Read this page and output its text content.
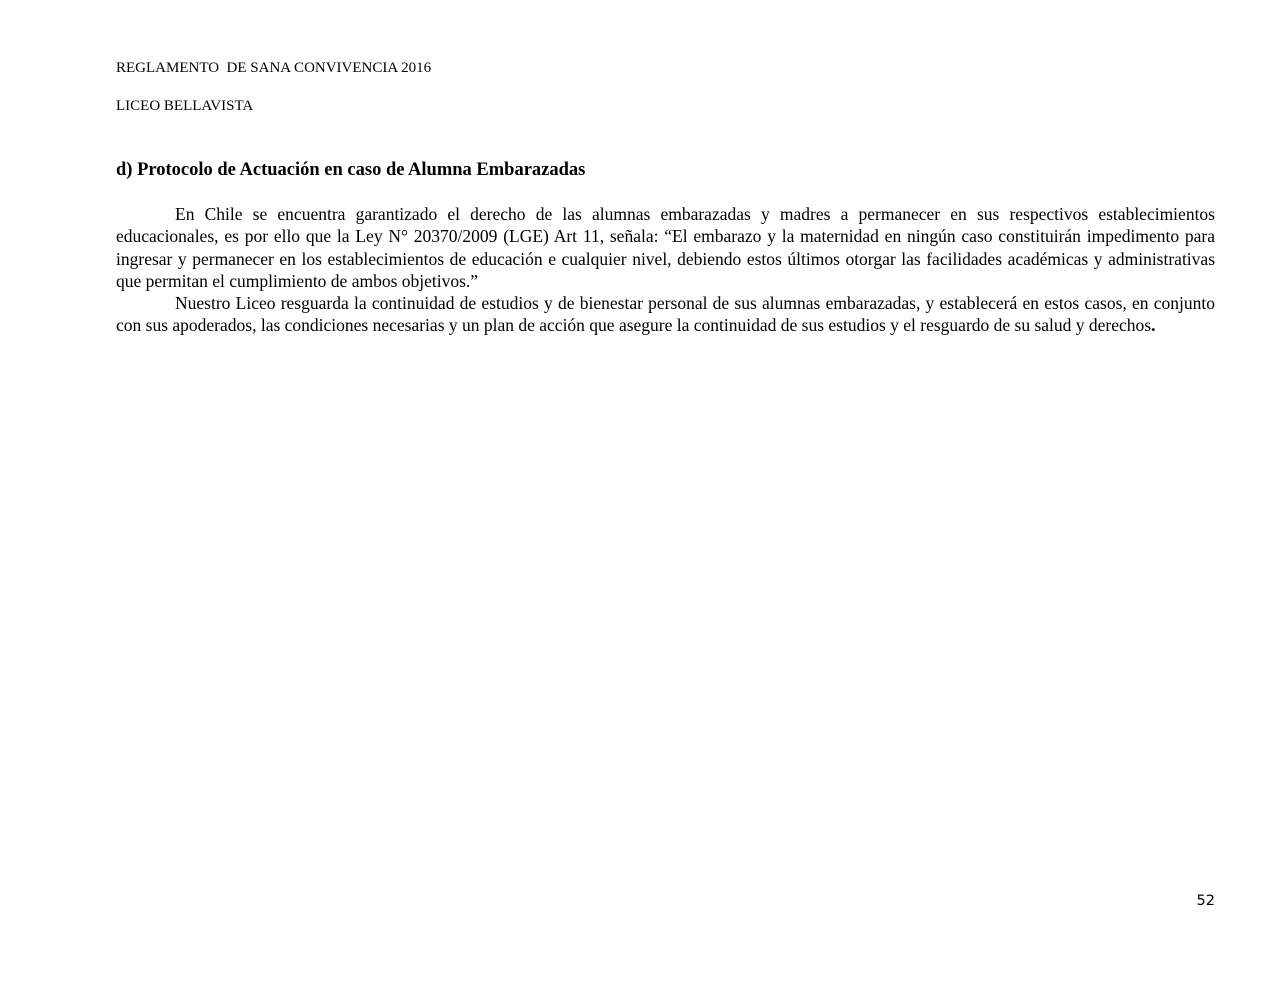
REGLAMENTO  DE SANA CONVIVENCIA 2016
LICEO BELLAVISTA
d) Protocolo de Actuación en caso de Alumna Embarazadas

En Chile se encuentra garantizado el derecho de las alumnas embarazadas y madres a permanecer en sus respectivos establecimientos educacionales, es por ello que la Ley N° 20370/2009 (LGE) Art 11, señala: “El embarazo y la maternidad en ningún caso constituirán impedimento para ingresar y permanecer en los establecimientos de educación e cualquier nivel, debiendo estos últimos otorgar las facilidades académicas y administrativas que permitan el cumplimiento de ambos objetivos.”

Nuestro Liceo resguarda la continuidad de estudios y de bienestar personal de sus alumnas embarazadas, y establecerá en estos casos, en conjunto con sus apoderados, las condiciones necesarias y un plan de acción que asegure la continuidad de sus estudios y el resguardo de su salud y derechos.

52
